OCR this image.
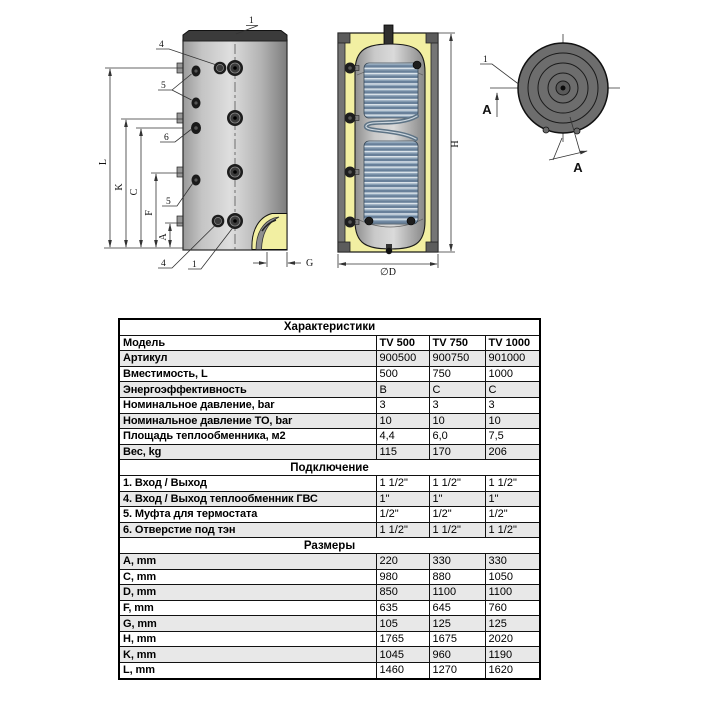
L
K
C
F
A
G
1
4
5
6
5
4	1
H
∅D
1
A
A
Характеристики			
Модель	TV 500	TV 750	TV 1000
Артикул	900500	900750	901000
Вместимость, L	500	750	1000
Энергоэффективность	B	C	C
Номинальное давление, bar	3	3	3
Номинальное давление ТО, bar	10	10	10
Площадь теплообменника, м2	4,4	6,0	7,5
Вес, kg	115	170	206
Подключение			
1. Вход / Выход	1 1/2"	1 1/2"	1 1/2"
4. Вход / Выход теплообменник ГВС	1"	1"	1"
5. Муфта для термостата	1/2"	1/2"	1/2"
6. Отверстие под тэн	1 1/2"	1 1/2"	1 1/2"
Размеры			
A, mm	220	330	330
C, mm	980	880	1050
D, mm	850	1100	1100
F, mm	635	645	760
G, mm	105	125	125
H, mm	1765	1675	2020
K, mm	1045	960	1190
L, mm	1460	1270	1620
